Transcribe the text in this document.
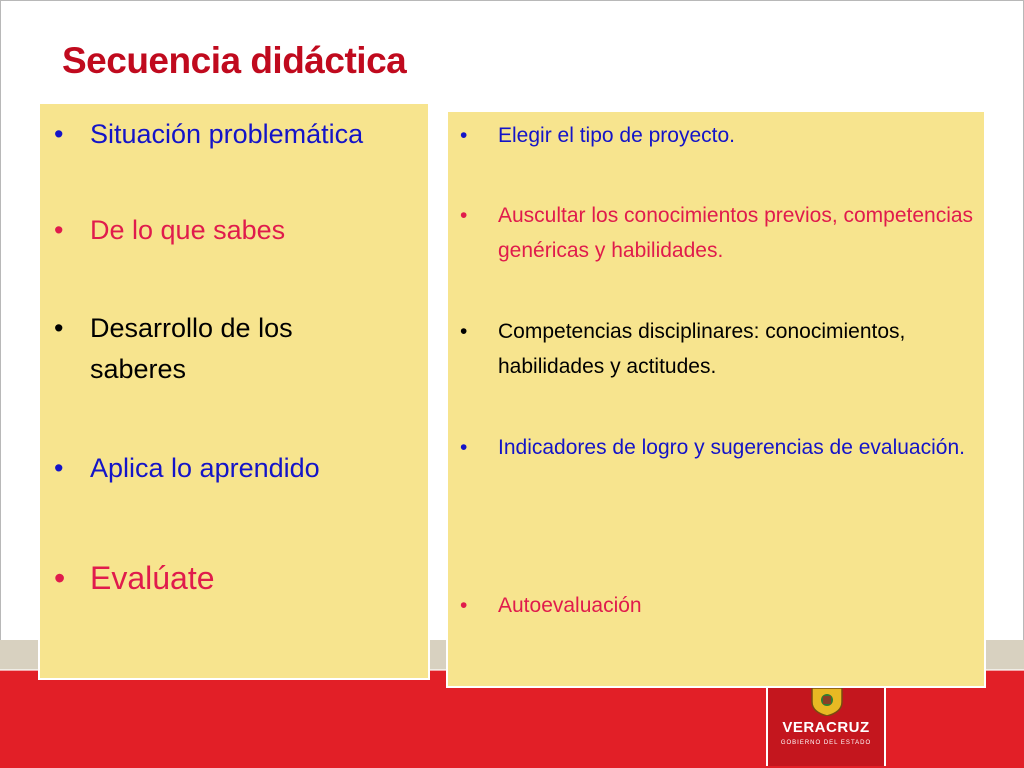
Secuencia didáctica
VERACRUZ
GOBIERNO DEL ESTADO
• Situación problemática
• De lo que sabes
• Desarrollo de los saberes
• Aplica lo aprendido
• Evalúate
• Elegir el tipo de proyecto.
• Auscultar los conocimientos previos, competencias genéricas y habilidades.
• Competencias disciplinares: conocimientos, habilidades y actitudes.
• Indicadores de logro y sugerencias de evaluación.
• Autoevaluación
